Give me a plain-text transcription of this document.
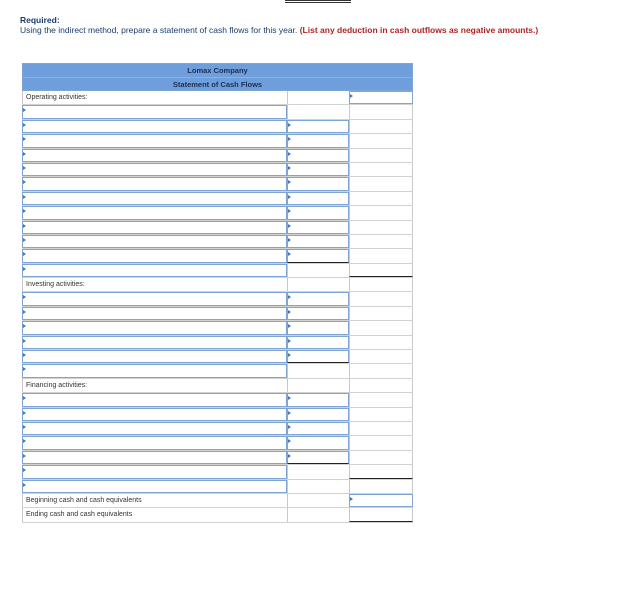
Required:
Using the indirect method, prepare a statement of cash flows for this year. (List any deduction in cash outflows as negative amounts.)
Lomax Company
Statement of Cash Flows
Operating activities:
Investing activities:
Financing activities:
Beginning cash and cash equivalents
Ending cash and cash equivalents
